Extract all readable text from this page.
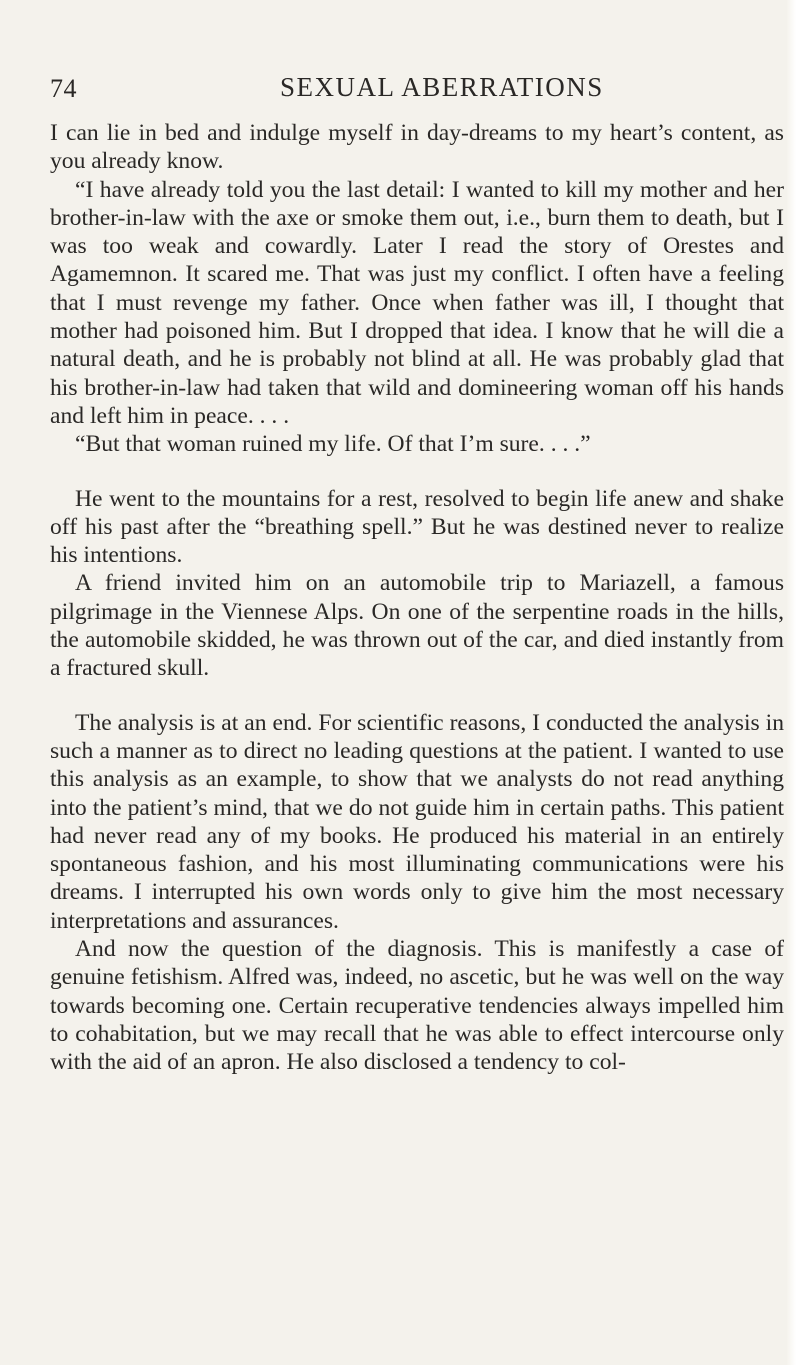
74	SEXUAL ABERRATIONS

I can lie in bed and indulge myself in day-dreams to my heart’s content, as you already know.

“I have already told you the last detail: I wanted to kill my mother and her brother-in-law with the axe or smoke them out, i.e., burn them to death, but I was too weak and cowardly. Later I read the story of Orestes and Agamemnon. It scared me. That was just my conflict. I often have a feeling that I must revenge my father. Once when father was ill, I thought that mother had poisoned him. But I dropped that idea. I know that he will die a natural death, and he is probably not blind at all. He was probably glad that his brother-in-law had taken that wild and domineering woman off his hands and left him in peace. . . .

“But that woman ruined my life. Of that I’m sure. . . .”

He went to the mountains for a rest, resolved to begin life anew and shake off his past after the “breathing spell.” But he was destined never to realize his intentions.

A friend invited him on an automobile trip to Mariazell, a famous pilgrimage in the Viennese Alps. On one of the serpentine roads in the hills, the automobile skidded, he was thrown out of the car, and died instantly from a fractured skull.

The analysis is at an end. For scientific reasons, I conducted the analysis in such a manner as to direct no leading questions at the patient. I wanted to use this analysis as an example, to show that we analysts do not read anything into the patient’s mind, that we do not guide him in certain paths. This patient had never read any of my books. He produced his material in an entirely spontaneous fashion, and his most illuminating communications were his dreams. I interrupted his own words only to give him the most necessary interpretations and assurances.

And now the question of the diagnosis. This is manifestly a case of genuine fetishism. Alfred was, indeed, no ascetic, but he was well on the way towards becoming one. Certain recuperative tendencies always impelled him to cohabitation, but we may recall that he was able to effect intercourse only with the aid of an apron. He also disclosed a tendency to col-
